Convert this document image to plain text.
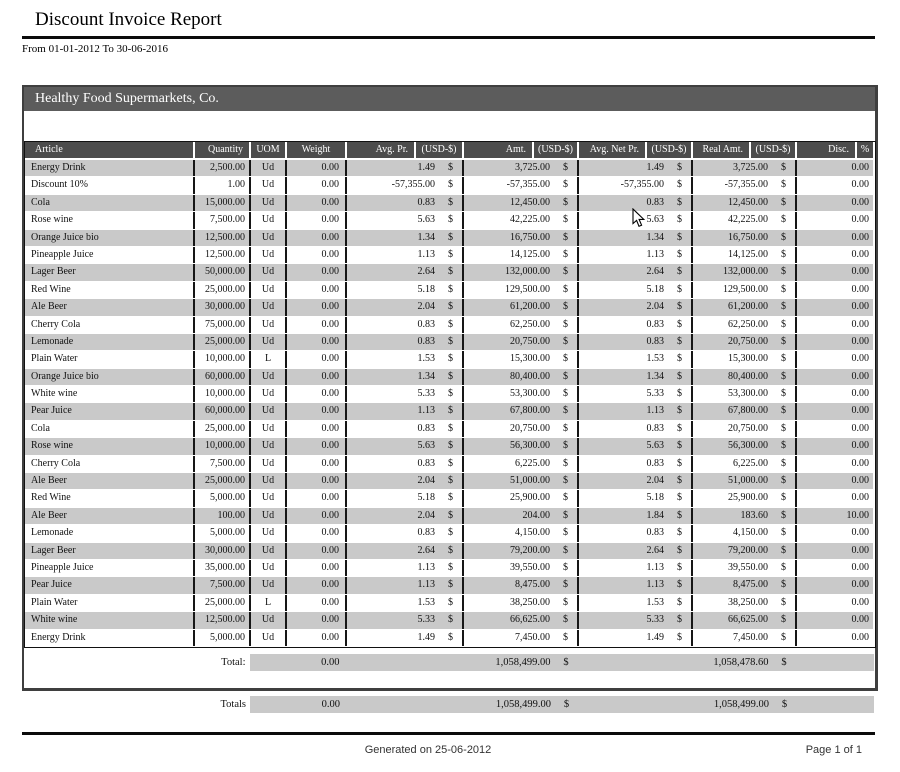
Discount Invoice Report
From 01-01-2012 To 30-06-2016
Healthy Food Supermarkets, Co.
Article	Quantity	UOM	Weight	Avg. Pr.	(USD-$)	Amt.	(USD-$)	Avg. Net Pr.	(USD-$)	Real Amt.	(USD-$)	Disc.	%
Energy Drink	2,500.00	Ud	0.00	1.49	$	3,725.00	$	1.49	$	3,725.00	$	0.00
Discount 10%	1.00	Ud	0.00	-57,355.00	$	-57,355.00	$	-57,355.00	$	-57,355.00	$	0.00
Cola	15,000.00	Ud	0.00	0.83	$	12,450.00	$	0.83	$	12,450.00	$	0.00
Rose wine	7,500.00	Ud	0.00	5.63	$	42,225.00	$	5.63	$	42,225.00	$	0.00
Orange Juice bio	12,500.00	Ud	0.00	1.34	$	16,750.00	$	1.34	$	16,750.00	$	0.00
Pineapple Juice	12,500.00	Ud	0.00	1.13	$	14,125.00	$	1.13	$	14,125.00	$	0.00
Lager Beer	50,000.00	Ud	0.00	2.64	$	132,000.00	$	2.64	$	132,000.00	$	0.00
Red Wine	25,000.00	Ud	0.00	5.18	$	129,500.00	$	5.18	$	129,500.00	$	0.00
Ale Beer	30,000.00	Ud	0.00	2.04	$	61,200.00	$	2.04	$	61,200.00	$	0.00
Cherry Cola	75,000.00	Ud	0.00	0.83	$	62,250.00	$	0.83	$	62,250.00	$	0.00
Lemonade	25,000.00	Ud	0.00	0.83	$	20,750.00	$	0.83	$	20,750.00	$	0.00
Plain Water	10,000.00	L	0.00	1.53	$	15,300.00	$	1.53	$	15,300.00	$	0.00
Orange Juice bio	60,000.00	Ud	0.00	1.34	$	80,400.00	$	1.34	$	80,400.00	$	0.00
White wine	10,000.00	Ud	0.00	5.33	$	53,300.00	$	5.33	$	53,300.00	$	0.00
Pear Juice	60,000.00	Ud	0.00	1.13	$	67,800.00	$	1.13	$	67,800.00	$	0.00
Cola	25,000.00	Ud	0.00	0.83	$	20,750.00	$	0.83	$	20,750.00	$	0.00
Rose wine	10,000.00	Ud	0.00	5.63	$	56,300.00	$	5.63	$	56,300.00	$	0.00
Cherry Cola	7,500.00	Ud	0.00	0.83	$	6,225.00	$	0.83	$	6,225.00	$	0.00
Ale Beer	25,000.00	Ud	0.00	2.04	$	51,000.00	$	2.04	$	51,000.00	$	0.00
Red Wine	5,000.00	Ud	0.00	5.18	$	25,900.00	$	5.18	$	25,900.00	$	0.00
Ale Beer	100.00	Ud	0.00	2.04	$	204.00	$	1.84	$	183.60	$	10.00
Lemonade	5,000.00	Ud	0.00	0.83	$	4,150.00	$	0.83	$	4,150.00	$	0.00
Lager Beer	30,000.00	Ud	0.00	2.64	$	79,200.00	$	2.64	$	79,200.00	$	0.00
Pineapple Juice	35,000.00	Ud	0.00	1.13	$	39,550.00	$	1.13	$	39,550.00	$	0.00
Pear Juice	7,500.00	Ud	0.00	1.13	$	8,475.00	$	1.13	$	8,475.00	$	0.00
Plain Water	25,000.00	L	0.00	1.53	$	38,250.00	$	1.53	$	38,250.00	$	0.00
White wine	12,500.00	Ud	0.00	5.33	$	66,625.00	$	5.33	$	66,625.00	$	0.00
Energy Drink	5,000.00	Ud	0.00	1.49	$	7,450.00	$	1.49	$	7,450.00	$	0.00
Total:	0.00	1,058,499.00	$	1,058,478.60	$
Totals	0.00	1,058,499.00	$	1,058,499.00	$
Generated on 25-06-2012	Page 1 of 1
